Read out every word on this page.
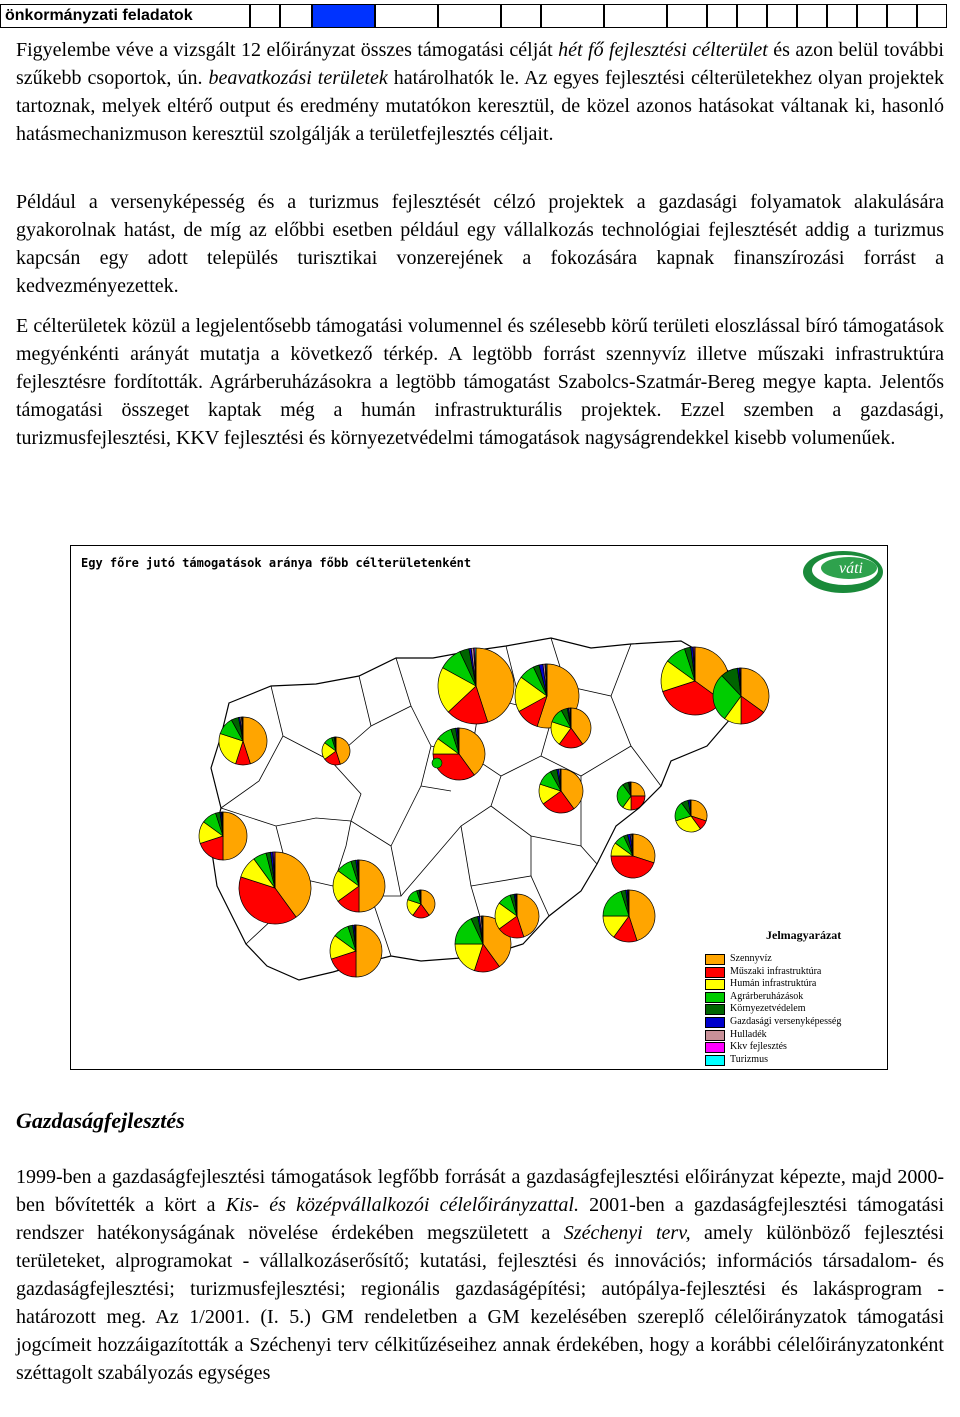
önkormányzati feladatok

Figyelembe véve a vizsgált 12 előirányzat összes támogatási célját hét fő fejlesztési célterület és azon belül további szűkebb csoportok, ún. beavatkozási területek határolhatók le. Az egyes fejlesztési célterületekhez olyan projektek tartoznak, melyek eltérő output és eredmény mutatókon keresztül, de közel azonos hatásokat váltanak ki, hasonló hatásmechanizmuson keresztül szolgálják a területfejlesztés céljait.

Például a versenyképesség és a turizmus fejlesztését célzó projektek a gazdasági folyamatok alakulására gyakorolnak hatást, de míg az előbbi esetben például egy vállalkozás technológiai fejlesztését addig a turizmus kapcsán egy adott település turisztikai vonzerejének a fokozására kapnak finanszírozási forrást a kedvezményezettek.

E célterületek közül a legjelentősebb támogatási volumennel és szélesebb körű területi eloszlással bíró támogatások megyénkénti arányát mutatja a következő térkép. A legtöbb forrást szennyvíz illetve műszaki infrastruktúra fejlesztésre fordították. Agrárberuházásokra a legtöbb támogatást Szabolcs-Szatmár-Bereg megye kapta. Jelentős támogatási összeget kaptak még a humán infrastrukturális projektek. Ezzel szemben a gazdasági, turizmusfejlesztési, KKV fejlesztési és környezetvédelmi támogatások nagyságrendekkel kisebb volumenűek.

Egy főre jutó támogatások aránya főbb célterületenként	váti
Jelmagyarázat
Szennyvíz
Műszaki infrastruktúra
Humán infrastruktúra
Agrárberuházások
Környezetvédelem
Gazdasági versenyképesség
Hulladék
Kkv fejlesztés
Turizmus
Gazdaságfejlesztés

1999-ben a gazdaságfejlesztési támogatások legfőbb forrását a gazdaságfejlesztési előirányzat képezte, majd 2000-ben bővítették a kört a Kis- és középvállalkozói célelőirányzattal. 2001-ben a gazdaságfejlesztési támogatási rendszer hatékonyságának növelése érdekében megszületett a Széchenyi terv, amely különböző fejlesztési területeket, alprogramokat - vállalkozáserősítő; kutatási, fejlesztési és innovációs; információs társadalom- és gazdaságfejlesztési; turizmusfejlesztési; regionális gazdaságépítési; autópálya-fejlesztési és lakásprogram - határozott meg. Az 1/2001. (I. 5.) GM rendeletben a GM kezelésében szereplő célelőirányzatok támogatási jogcímeit hozzáigazították a Széchenyi terv célkitűzéseihez annak érdekében, hogy a korábbi célelőirányzatonként széttagolt szabályozás egységes
